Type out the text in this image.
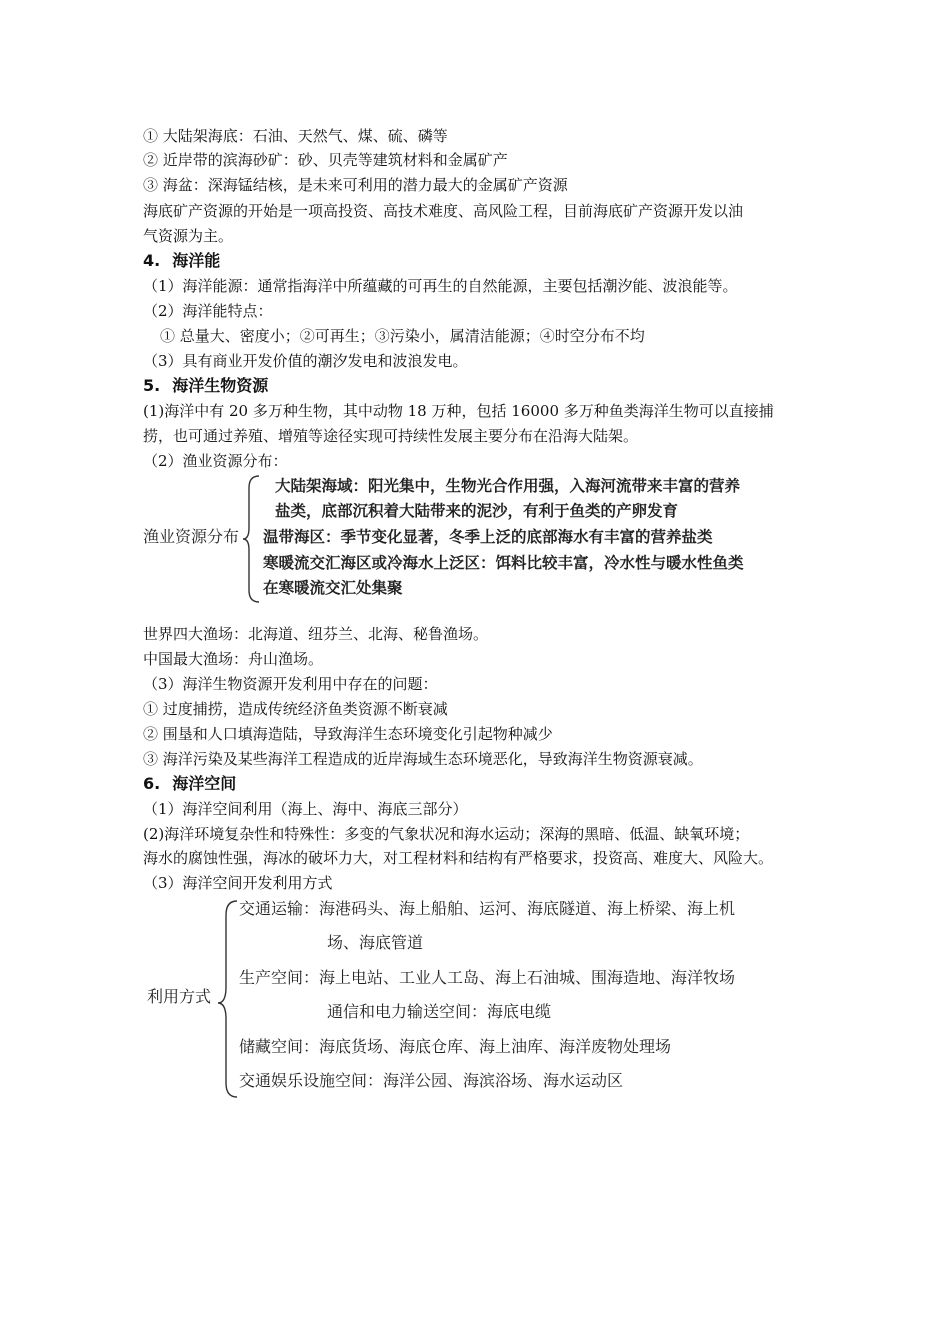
① 大陆架海底：石油、天然气、煤、硫、磷等
② 近岸带的滨海砂矿：砂、贝壳等建筑材料和金属矿产
③ 海盆：深海锰结核，是未来可利用的潜力最大的金属矿产资源
海底矿产资源的开始是一项高投资、高技术难度、高风险工程，目前海底矿产资源开发以油
气资源为主。
4. 海洋能
（1）海洋能源：通常指海洋中所蕴藏的可再生的自然能源，主要包括潮汐能、波浪能等。
（2）海洋能特点：
① 总量大、密度小；②可再生；③污染小，属清洁能源；④时空分布不均
（3）具有商业开发价值的潮汐发电和波浪发电。
5. 海洋生物资源
(1)海洋中有 20 多万种生物，其中动物 18 万种，包括 16000 多万种鱼类海洋生物可以直接捕
捞，也可通过养殖、增殖等途径实现可持续性发展主要分布在沿海大陆架。
（2）渔业资源分布：
渔业资源分布
大陆架海域：阳光集中，生物光合作用强，入海河流带来丰富的营养
盐类，底部沉积着大陆带来的泥沙，有利于鱼类的产卵发育
温带海区：季节变化显著，冬季上泛的底部海水有丰富的营养盐类
寒暖流交汇海区或冷海水上泛区：饵料比较丰富，冷水性与暖水性鱼类
在寒暖流交汇处集聚
世界四大渔场：北海道、纽芬兰、北海、秘鲁渔场。
中国最大渔场：舟山渔场。
（3）海洋生物资源开发利用中存在的问题：
① 过度捕捞，造成传统经济鱼类资源不断衰减
② 围垦和人口填海造陆，导致海洋生态环境变化引起物种减少
③ 海洋污染及某些海洋工程造成的近岸海域生态环境恶化，导致海洋生物资源衰减。
6. 海洋空间
（1）海洋空间利用（海上、海中、海底三部分）
(2)海洋环境复杂性和特殊性：多变的气象状况和海水运动；深海的黑暗、低温、缺氧环境；
海水的腐蚀性强，海冰的破坏力大，对工程材料和结构有严格要求，投资高、难度大、风险大。
（3）海洋空间开发利用方式
利用方式
交通运输：海港码头、海上船舶、运河、海底隧道、海上桥梁、海上机
场、海底管道
生产空间：海上电站、工业人工岛、海上石油城、围海造地、海洋牧场
通信和电力输送空间：海底电缆
储藏空间：海底货场、海底仓库、海上油库、海洋废物处理场
交通娱乐设施空间：海洋公园、海滨浴场、海水运动区
